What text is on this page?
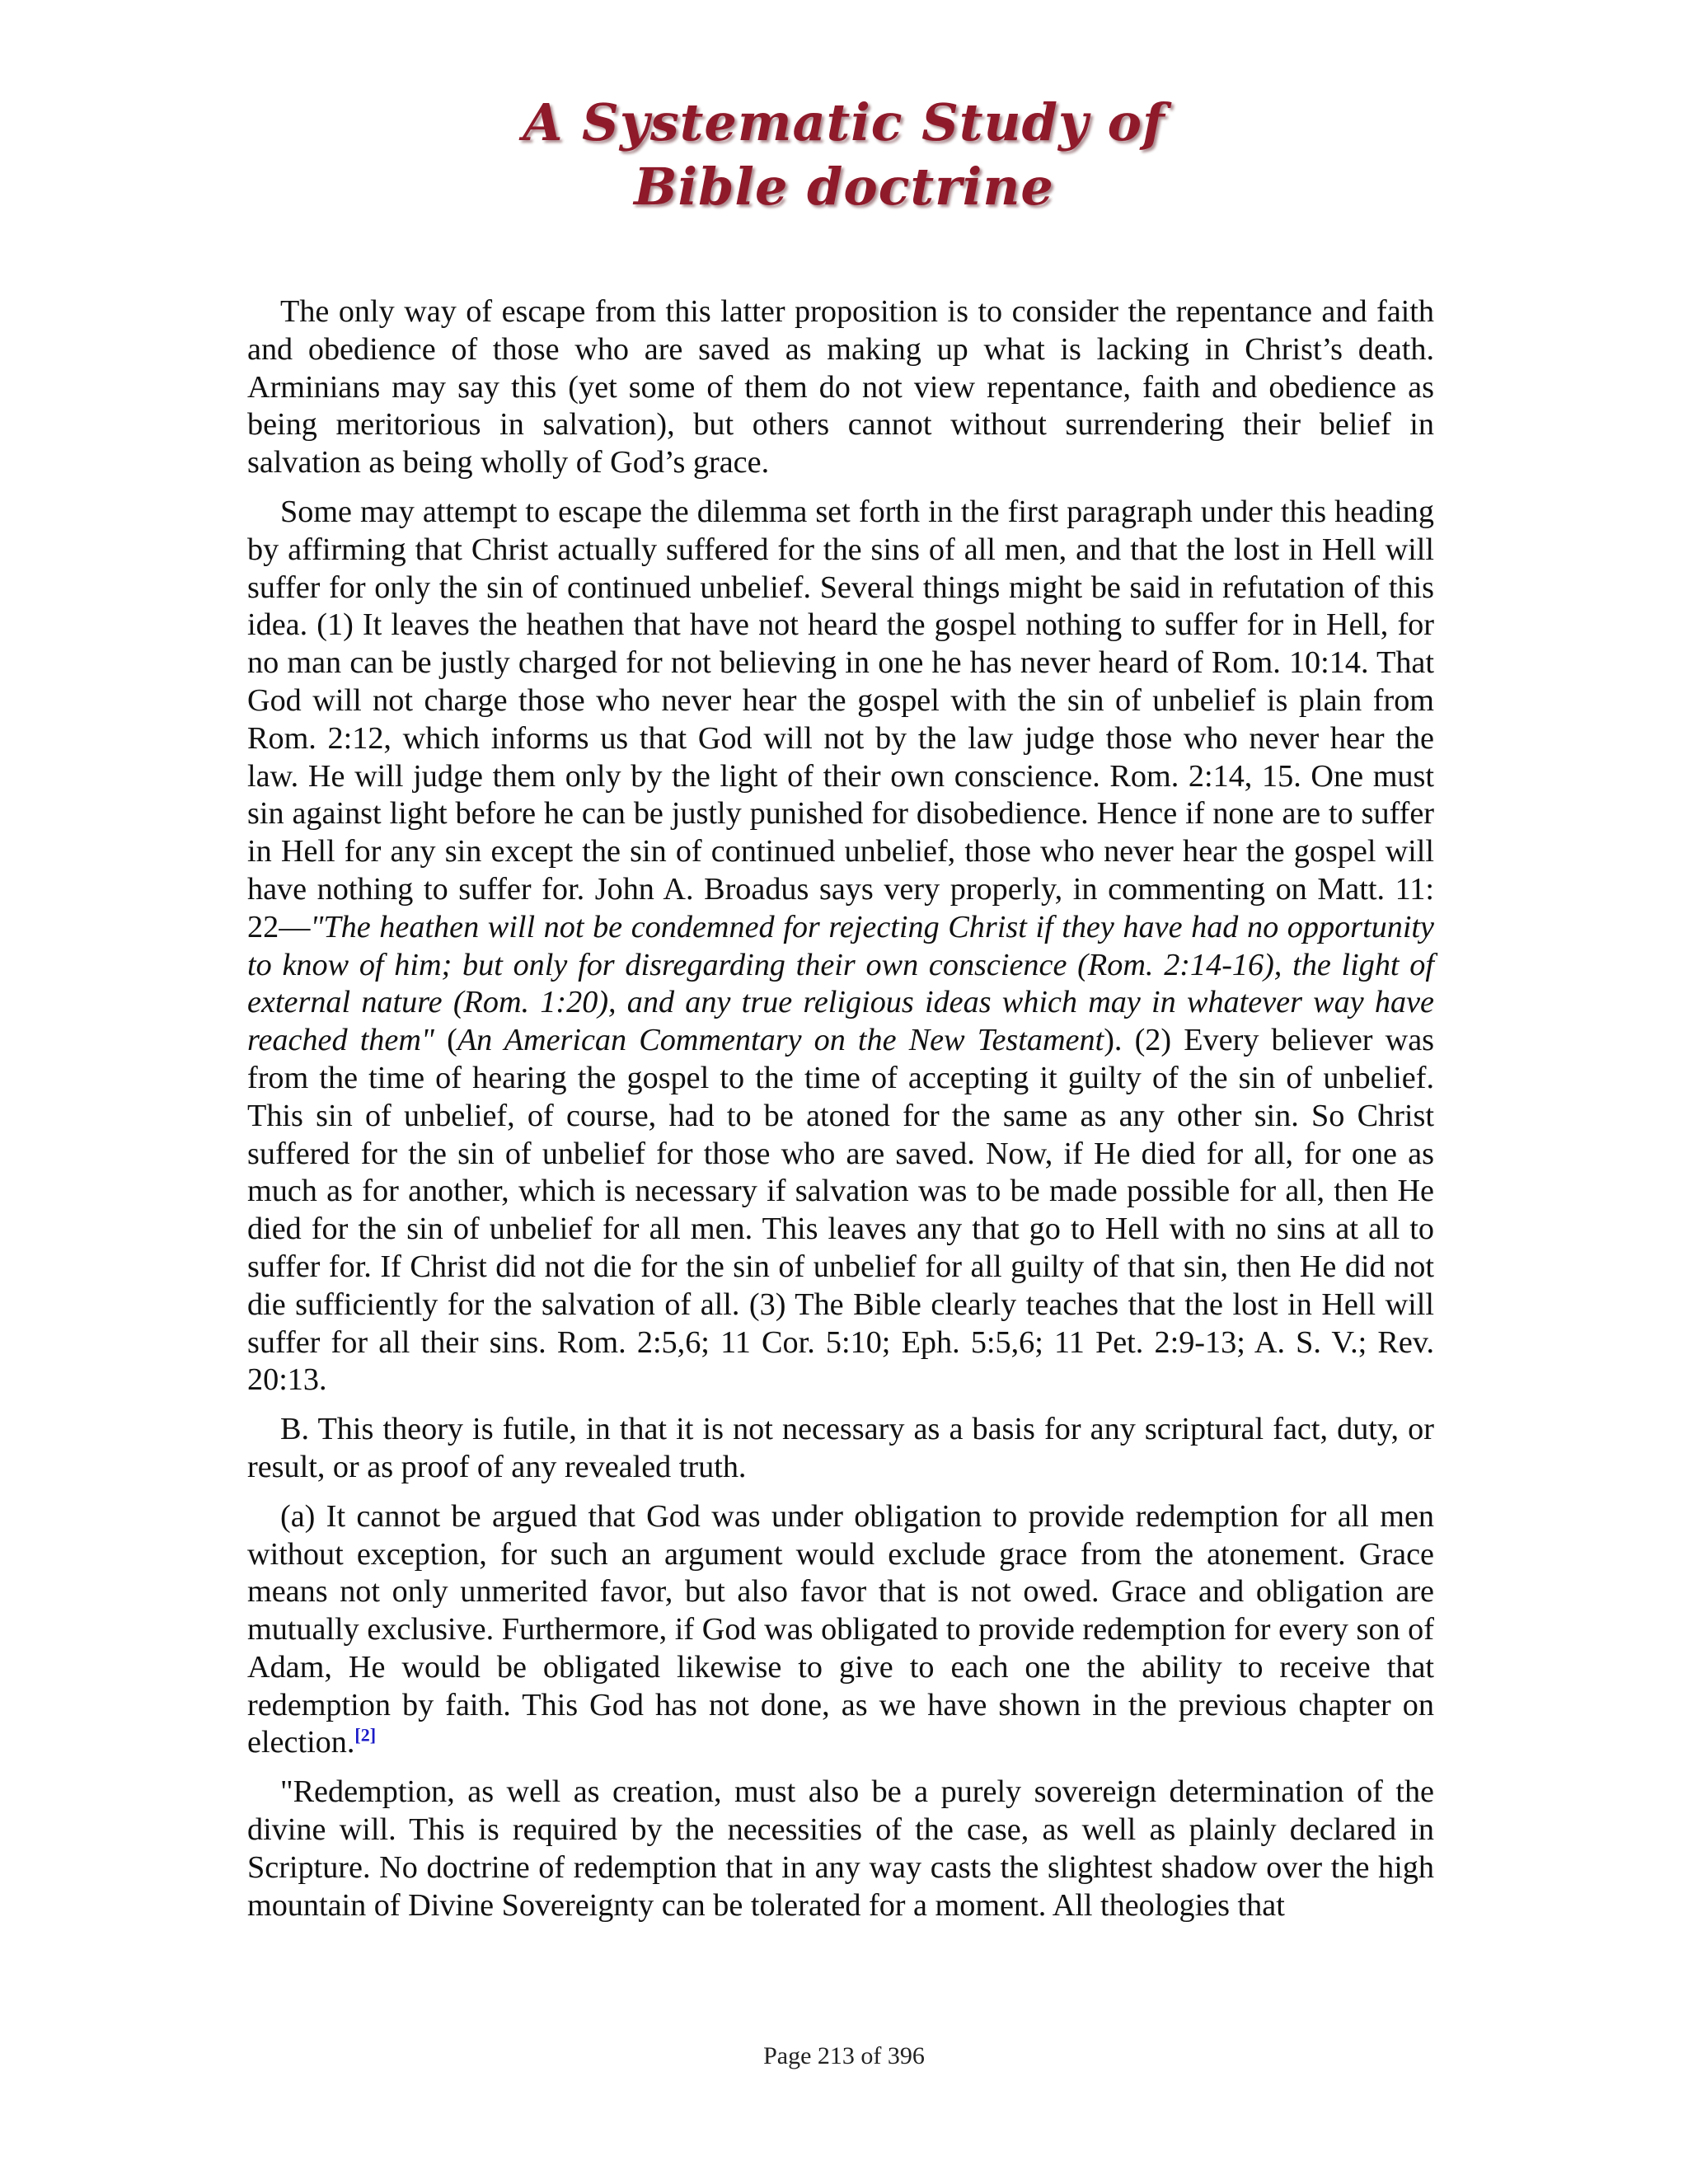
A Systematic Study of
Bible doctrine

The only way of escape from this latter proposition is to consider the repentance and faith and obedience of those who are saved as making up what is lacking in Christ’s death. Arminians may say this (yet some of them do not view repentance, faith and obedience as being meritorious in salvation), but others cannot without surrendering their belief in salvation as being wholly of God’s grace.

Some may attempt to escape the dilemma set forth in the first paragraph under this heading by affirming that Christ actually suffered for the sins of all men, and that the lost in Hell will suffer for only the sin of continued unbelief. Several things might be said in refutation of this idea. (1) It leaves the heathen that have not heard the gospel nothing to suffer for in Hell, for no man can be justly charged for not believing in one he has never heard of Rom. 10:14. That God will not charge those who never hear the gospel with the sin of unbelief is plain from Rom. 2:12, which informs us that God will not by the law judge those who never hear the law. He will judge them only by the light of their own conscience. Rom. 2:14, 15. One must sin against light before he can be justly punished for disobedience. Hence if none are to suffer in Hell for any sin except the sin of continued unbelief, those who never hear the gospel will have nothing to suffer for. John A. Broadus says very properly, in commenting on Matt. 11: 22—"The heathen will not be condemned for rejecting Christ if they have had no opportunity to know of him; but only for disregarding their own conscience (Rom. 2:14-16), the light of external nature (Rom. 1:20), and any true religious ideas which may in whatever way have reached them" (An American Commentary on the New Testament). (2) Every believer was from the time of hearing the gospel to the time of accepting it guilty of the sin of unbelief. This sin of unbelief, of course, had to be atoned for the same as any other sin. So Christ suffered for the sin of unbelief for those who are saved. Now, if He died for all, for one as much as for another, which is necessary if salvation was to be made possible for all, then He died for the sin of unbelief for all men. This leaves any that go to Hell with no sins at all to suffer for. If Christ did not die for the sin of unbelief for all guilty of that sin, then He did not die sufficiently for the salvation of all. (3) The Bible clearly teaches that the lost in Hell will suffer for all their sins. Rom. 2:5,6; 11 Cor. 5:10; Eph. 5:5,6; 11 Pet. 2:9-13; A. S. V.; Rev. 20:13.

B. This theory is futile, in that it is not necessary as a basis for any scriptural fact, duty, or result, or as proof of any revealed truth.

(a) It cannot be argued that God was under obligation to provide redemption for all men without exception, for such an argument would exclude grace from the atonement. Grace means not only unmerited favor, but also favor that is not owed. Grace and obligation are mutually exclusive. Furthermore, if God was obligated to provide redemption for every son of Adam, He would be obligated likewise to give to each one the ability to receive that redemption by faith. This God has not done, as we have shown in the previous chapter on election.[2]

"Redemption, as well as creation, must also be a purely sovereign determination of the divine will. This is required by the necessities of the case, as well as plainly declared in Scripture. No doctrine of redemption that in any way casts the slightest shadow over the high mountain of Divine Sovereignty can be tolerated for a moment. All theologies that

Page 213 of 396
